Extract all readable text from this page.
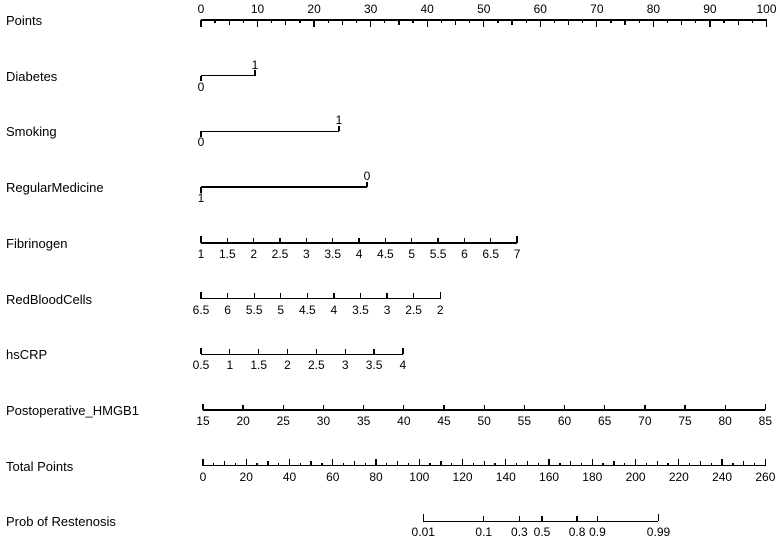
Points
0	10	20	30	40	50	60	70	80	90	100
Diabetes
0
1
Smoking
0
1
RegularMedicine
1
0
Fibrinogen
1 1.5 2 2.5 3 3.5 4 4.5 5 5.5 6 6.5 7
RedBloodCells
6.5 6 5.5 5 4.5 4 3.5 3 2.5 2
hsCRP
0.5 1 1.5 2 2.5 3 3.5 4
Postoperative_HMGB1
15 20 25 30 35 40 45 50 55 60 65 70 75 80 85
Total Points
0	20 40 60 80 100 120 140 160 180 200 220 240 260
Prob of Restenosis
0.01	0.1 0.3 0.5 0.8 0.9	0.99
